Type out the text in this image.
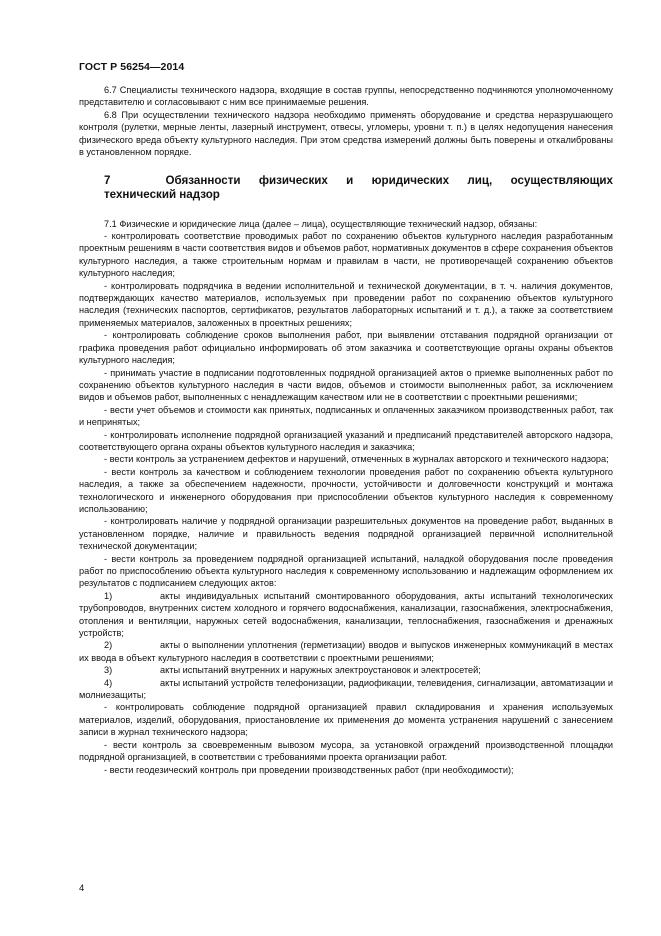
ГОСТ Р 56254—2014

6.7 Специалисты технического надзора, входящие в состав группы, непосредственно подчиняются уполномоченному представителю и согласовывают с ним все принимаемые решения.

6.8 При осуществлении технического надзора необходимо применять оборудование и средства неразрушающего контроля (рулетки, мерные ленты, лазерный инструмент, отвесы, угломеры, уровни т. п.) в целях недопущения нанесения физического вреда объекту культурного наследия. При этом средства измерений должны быть поверены и откалиброваны в установленном порядке.

7	Обязанности физических и юридических лиц, осуществляющих
технический надзор

7.1 Физические и юридические лица (далее – лица), осуществляющие технический надзор, обязаны:

- контролировать соответствие проводимых работ по сохранению объектов культурного наследия разработанным проектным решениям в части соответствия видов и объемов работ, нормативных документов в сфере сохранения объектов культурного наследия, а также строительным нормам и правилам в части, не противоречащей сохранению объектов культурного наследия;

- контролировать подрядчика в ведении исполнительной и технической документации, в т. ч. наличия документов, подтверждающих качество материалов, используемых при проведении работ по сохранению объектов культурного наследия (технических паспортов, сертификатов, результатов лабораторных испытаний и т. д.), а также за соответствием применяемых материалов, заложенных в проектных решениях;

- контролировать соблюдение сроков выполнения работ, при выявлении отставания подрядной организации от графика проведения работ официально информировать об этом заказчика и соответствующие органы охраны объектов культурного наследия;

- принимать участие в подписании подготовленных подрядной организацией актов о приемке выполненных работ по сохранению объектов культурного наследия в части видов, объемов и стоимости выполненных работ, за исключением видов и объемов работ, выполненных с ненадлежащим качеством или не в соответствии с проектными решениями;

- вести учет объемов и стоимости как принятых, подписанных и оплаченных заказчиком производственных работ, так и непринятых;

- контролировать исполнение подрядной организацией указаний и предписаний представителей авторского надзора, соответствующего органа охраны объектов культурного наследия и заказчика;

- вести контроль за устранением дефектов и нарушений, отмеченных в журналах авторского и технического надзора;

- вести контроль за качеством и соблюдением технологии проведения работ по сохранению объекта культурного наследия, а также за обеспечением надежности, прочности, устойчивости и долговечности конструкций и монтажа технологического и инженерного оборудования при приспособлении объектов культурного наследия к современному использованию;

- контролировать наличие у подрядной организации разрешительных документов на проведение работ, выданных в установленном порядке, наличие и правильность ведения подрядной организацией первичной исполнительной технической документации;

- вести контроль за проведением подрядной организацией испытаний, наладкой оборудования после проведения работ по приспособлению объекта культурного наследия к современному использованию и надлежащим оформлением их результатов с подписанием следующих актов:

1)	акты индивидуальных испытаний смонтированного оборудования, акты испытаний технологических трубопроводов, внутренних систем холодного и горячего водоснабжения, канализации, газоснабжения, электроснабжения, отопления и вентиляции, наружных сетей водоснабжения, канализации, теплоснабжения, газоснабжения и дренажных устройств;

2)	акты о выполнении уплотнения (герметизации) вводов и выпусков инженерных коммуникаций в местах их ввода в объект культурного наследия в соответствии с проектными решениями;

3)	акты испытаний внутренних и наружных электроустановок и электросетей;

4)	акты испытаний устройств телефонизации, радиофикации, телевидения, сигнализации, автоматизации и молниезащиты;

- контролировать соблюдение подрядной организацией правил складирования и хранения используемых материалов, изделий, оборудования, приостановление их применения до момента устранения нарушений с занесением записи в журнал технического надзора;

- вести контроль за своевременным вывозом мусора, за установкой ограждений производственной площадки подрядной организацией, в соответствии с требованиями проекта организации работ.

- вести геодезический контроль при проведении производственных работ (при необходимости);

4
